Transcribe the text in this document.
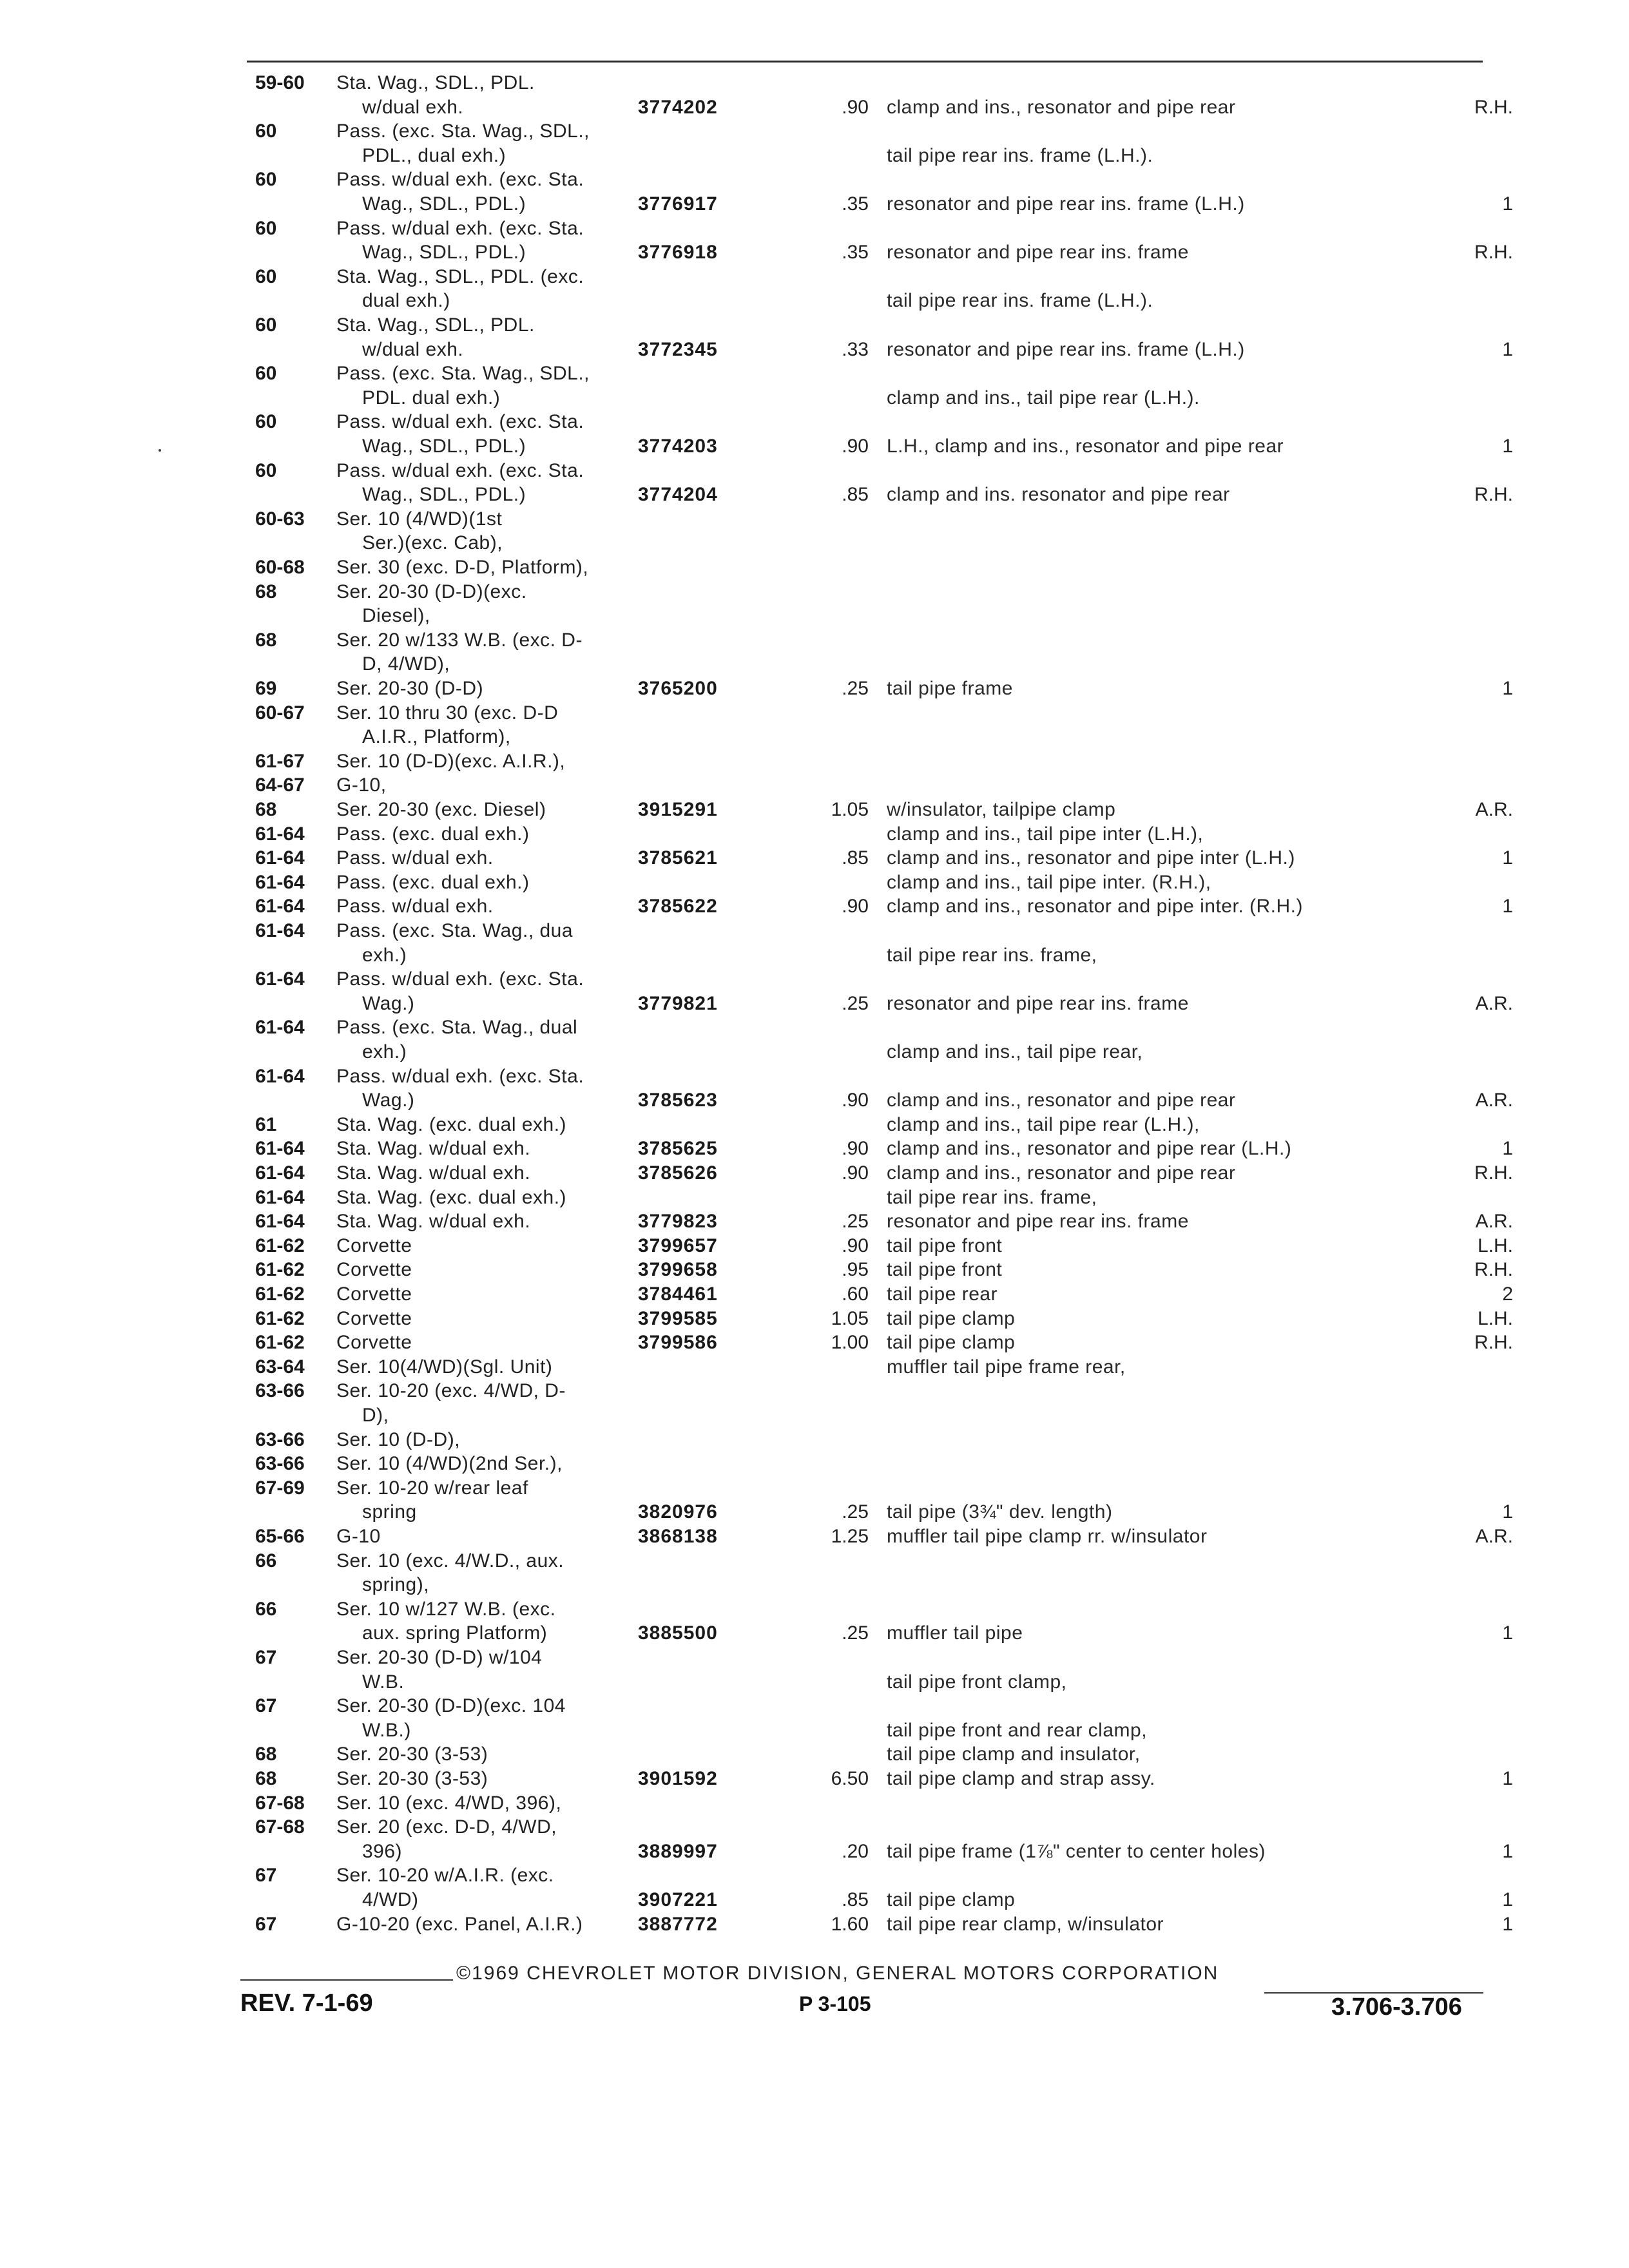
59-60 Sta. Wag., SDL., PDL.
w/dual exh.	3774202	.90 clamp and ins., resonator and pipe rear	R.H.
60	Pass. (exc. Sta. Wag., SDL.,
PDL., dual exh.)	tail pipe rear ins. frame (L.H.).
60	Pass. w/dual exh. (exc. Sta.
Wag., SDL., PDL.)	3776917	.35 resonator and pipe rear ins. frame (L.H.)	1
60	Pass. w/dual exh. (exc. Sta.
Wag., SDL., PDL.)	3776918	.35 resonator and pipe rear ins. frame	R.H.
60	Sta. Wag., SDL., PDL. (exc.
dual exh.)	tail pipe rear ins. frame (L.H.).
60	Sta. Wag., SDL., PDL.
w/dual exh.	3772345	.33 resonator and pipe rear ins. frame (L.H.)	1
60	Pass. (exc. Sta. Wag., SDL.,
PDL. dual exh.)	clamp and ins., tail pipe rear (L.H.).
60	Pass. w/dual exh. (exc. Sta.
Wag., SDL., PDL.)	3774203	.90 L.H., clamp and ins., resonator and pipe rear	1
60	Pass. w/dual exh. (exc. Sta.
Wag., SDL., PDL.)	3774204	.85 clamp and ins. resonator and pipe rear	R.H.
60-63 Ser. 10 (4/WD)(1st
Ser.)(exc. Cab),
60-68 Ser. 30 (exc. D-D, Platform),
68	Ser. 20-30 (D-D)(exc.
Diesel),
68	Ser. 20 w/133 W.B. (exc. D-
D, 4/WD),
69	Ser. 20-30 (D-D)	3765200	.25 tail pipe frame	1
60-67 Ser. 10 thru 30 (exc. D-D
A.I.R., Platform),
61-67 Ser. 10 (D-D)(exc. A.I.R.),
64-67 G-10,
68	Ser. 20-30 (exc. Diesel)	3915291	1.05 w/insulator, tailpipe clamp	A.R.
61-64 Pass. (exc. dual exh.)	clamp and ins., tail pipe inter (L.H.),
61-64 Pass. w/dual exh.	3785621	.85 clamp and ins., resonator and pipe inter (L.H.)	1
61-64 Pass. (exc. dual exh.)	clamp and ins., tail pipe inter. (R.H.),
61-64 Pass. w/dual exh.	3785622	.90 clamp and ins., resonator and pipe inter. (R.H.)	1
61-64 Pass. (exc. Sta. Wag., dua
exh.)	tail pipe rear ins. frame,
61-64 Pass. w/dual exh. (exc. Sta.
Wag.)	3779821	.25 resonator and pipe rear ins. frame	A.R.
61-64 Pass. (exc. Sta. Wag., dual
exh.)	clamp and ins., tail pipe rear,
61-64 Pass. w/dual exh. (exc. Sta.
Wag.)	3785623	.90 clamp and ins., resonator and pipe rear	A.R.
61	Sta. Wag. (exc. dual exh.)	clamp and ins., tail pipe rear (L.H.),
61-64 Sta. Wag. w/dual exh.	3785625	.90 clamp and ins., resonator and pipe rear (L.H.)	1
61-64 Sta. Wag. w/dual exh.	3785626	.90 clamp and ins., resonator and pipe rear	R.H.
61-64 Sta. Wag. (exc. dual exh.)	tail pipe rear ins. frame,
61-64 Sta. Wag. w/dual exh.	3779823	.25 resonator and pipe rear ins. frame	A.R.
61-62 Corvette	3799657	.90 tail pipe front	L.H.
61-62 Corvette	3799658	.95 tail pipe front	R.H.
61-62 Corvette	3784461	.60 tail pipe rear	2
61-62 Corvette	3799585	1.05 tail pipe clamp	L.H.
61-62 Corvette	3799586	1.00 tail pipe clamp	R.H.
63-64 Ser. 10(4/WD)(Sgl. Unit)	muffler tail pipe frame rear,
63-66 Ser. 10-20 (exc. 4/WD, D-
D),
63-66 Ser. 10 (D-D),
63-66 Ser. 10 (4/WD)(2nd Ser.),
67-69 Ser. 10-20 w/rear leaf
spring	3820976	.25 tail pipe (3¾" dev. length)	1
65-66 G-10	3868138	1.25 muffler tail pipe clamp rr. w/insulator	A.R.
66	Ser. 10 (exc. 4/W.D., aux.
spring),
66	Ser. 10 w/127 W.B. (exc.
aux. spring Platform)	3885500	.25 muffler tail pipe	1
67	Ser. 20-30 (D-D) w/104
W.B.	tail pipe front clamp,
67	Ser. 20-30 (D-D)(exc. 104
W.B.)	tail pipe front and rear clamp,
68	Ser. 20-30 (3-53)	tail pipe clamp and insulator,
68	Ser. 20-30 (3-53)	3901592	6.50 tail pipe clamp and strap assy.	1
67-68 Ser. 10 (exc. 4/WD, 396),
67-68 Ser. 20 (exc. D-D, 4/WD,
396)	3889997	.20 tail pipe frame (1⅞" center to center holes)	1
67	Ser. 10-20 w/A.I.R. (exc.
4/WD)	3907221	.85 tail pipe clamp	1
67	G-10-20 (exc. Panel, A.I.R.)	3887772	1.60 tail pipe rear clamp, w/insulator	1
©1969 CHEVROLET MOTOR DIVISION, GENERAL MOTORS CORPORATION
REV. 7-1-69	P 3-105	3.706-3.706
